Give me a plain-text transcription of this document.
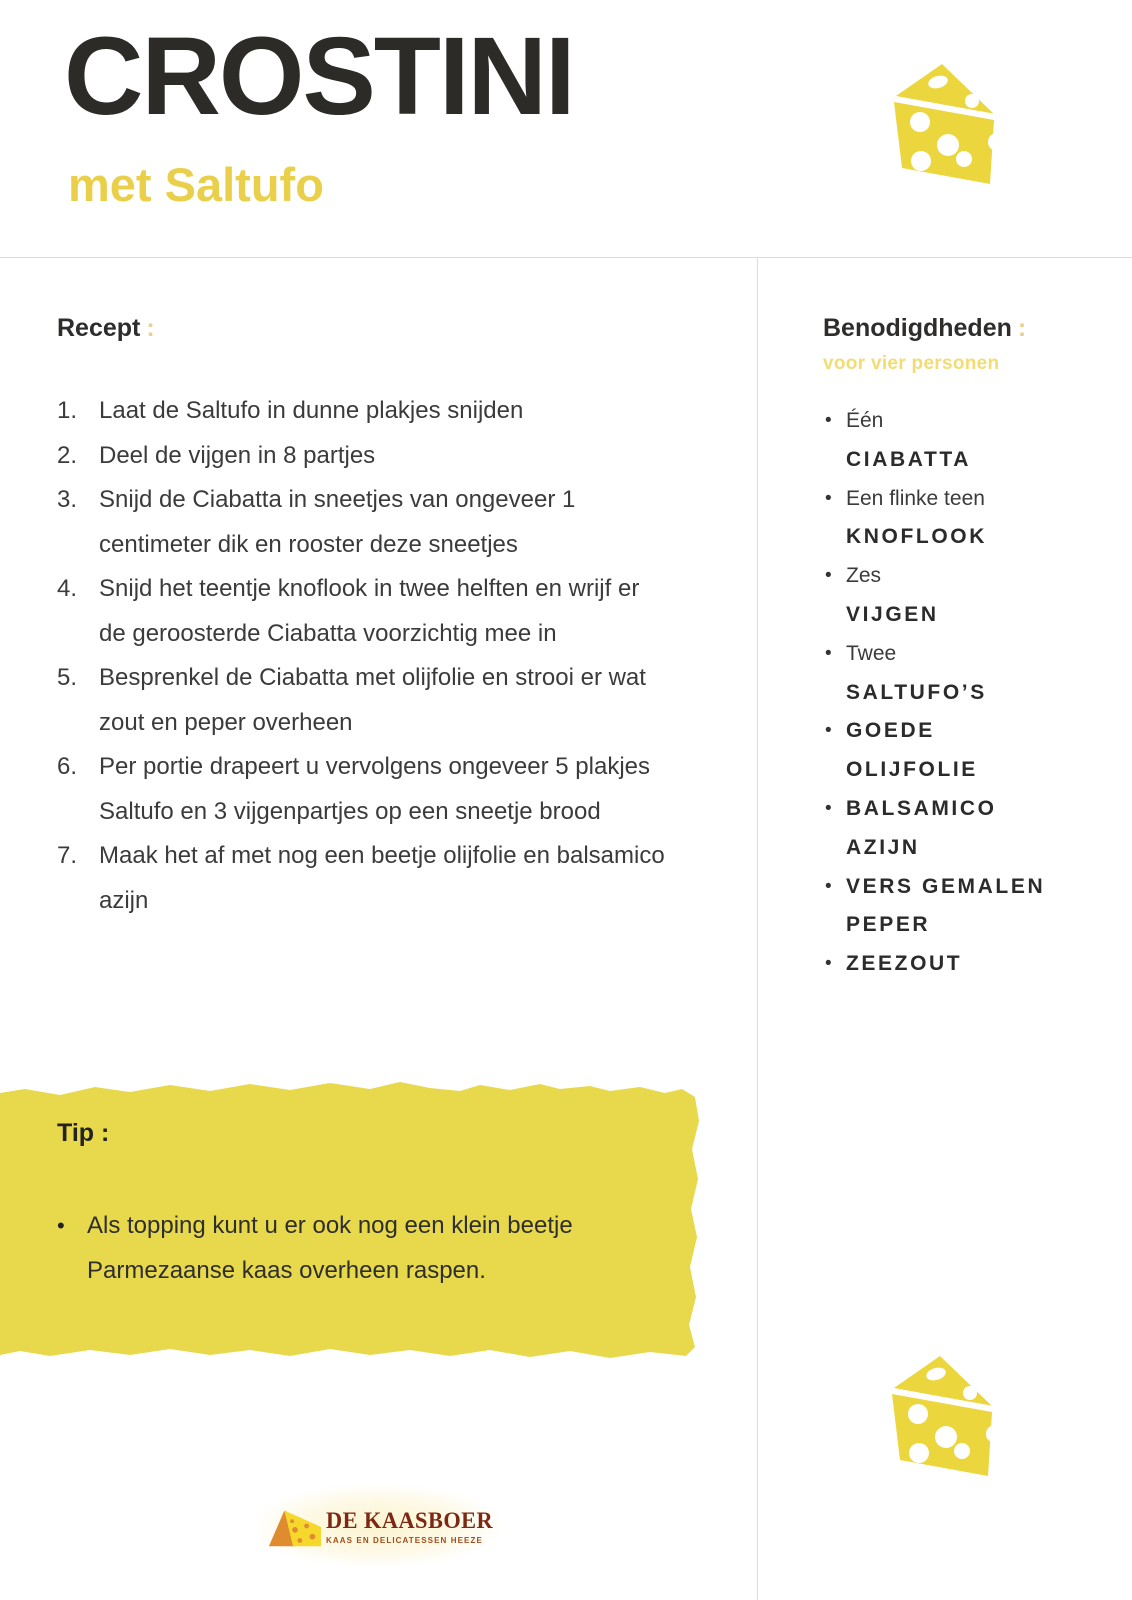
CROSTINI
met Saltufo
Recept :
1. Laat de Saltufo in dunne plakjes snijden
2. Deel de vijgen in 8 partjes
3. Snijd de Ciabatta in sneetjes van ongeveer 1 centimeter dik en rooster deze sneetjes
4. Snijd het teentje knoflook in twee helften en wrijf er de geroosterde Ciabatta voorzichtig mee in
5. Besprenkel de Ciabatta met olijfolie en strooi er wat zout en peper overheen
6. Per portie drapeert u vervolgens ongeveer 5 plakjes Saltufo en 3 vijgenpartjes op een sneetje brood
7. Maak het af met nog een beetje olijfolie en balsamico azijn
Benodigdheden :
voor vier personen
• Één
CIABATTA
• Een flinke teen
KNOFLOOK
• Zes
VIJGEN
• Twee
SALTUFO’S
• GOEDE OLIJFOLIE
• BALSAMICO AZIJN
• VERS GEMALEN PEPER
• ZEEZOUT
Tip :
• Als topping kunt u er ook nog een klein beetje Parmezaanse kaas overheen raspen.
DE KAASBOER
KAAS EN DELICATESSEN HEEZE
